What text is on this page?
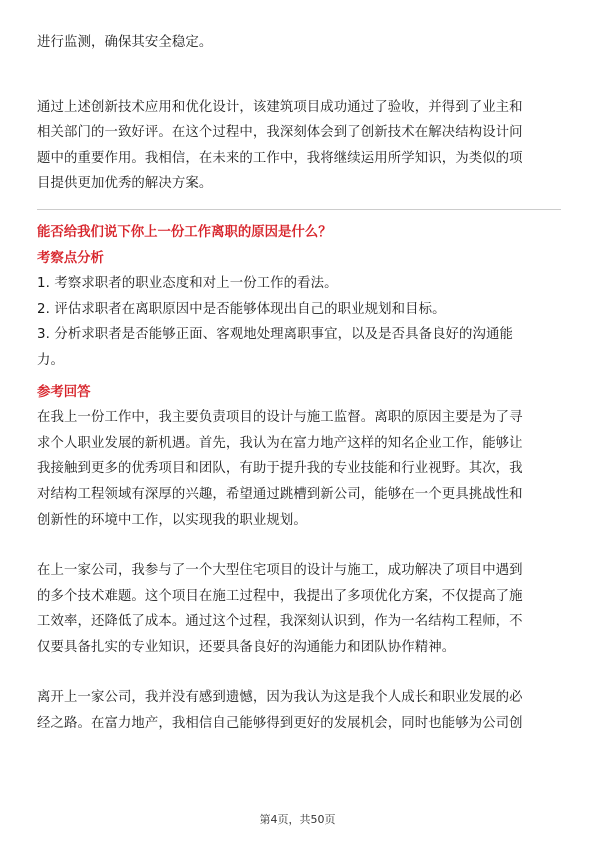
进行监测，确保其安全稳定。

通过上述创新技术应用和优化设计，该建筑项目成功通过了验收，并得到了业主和

相关部门的一致好评。在这个过程中，我深刻体会到了创新技术在解决结构设计问

题中的重要作用。我相信，在未来的工作中，我将继续运用所学知识，为类似的项

目提供更加优秀的解决方案。

能否给我们说下你上一份工作离职的原因是什么？
考察点分析

1. 考察求职者的职业态度和对上一份工作的看法。

2. 评估求职者在离职原因中是否能够体现出自己的职业规划和目标。

3. 分析求职者是否能够正面、客观地处理离职事宜，以及是否具备良好的沟通能

力。

参考回答

在我上一份工作中，我主要负责项目的设计与施工监督。离职的原因主要是为了寻

求个人职业发展的新机遇。首先，我认为在富力地产这样的知名企业工作，能够让

我接触到更多的优秀项目和团队，有助于提升我的专业技能和行业视野。其次，我

对结构工程领域有深厚的兴趣，希望通过跳槽到新公司，能够在一个更具挑战性和

创新性的环境中工作，以实现我的职业规划。

在上一家公司，我参与了一个大型住宅项目的设计与施工，成功解决了项目中遇到

的多个技术难题。这个项目在施工过程中，我提出了多项优化方案，不仅提高了施

工效率，还降低了成本。通过这个过程，我深刻认识到，作为一名结构工程师，不

仅要具备扎实的专业知识，还要具备良好的沟通能力和团队协作精神。

离开上一家公司，我并没有感到遗憾，因为我认为这是我个人成长和职业发展的必

经之路。在富力地产，我相信自己能够得到更好的发展机会，同时也能够为公司创

第4页，共50页
